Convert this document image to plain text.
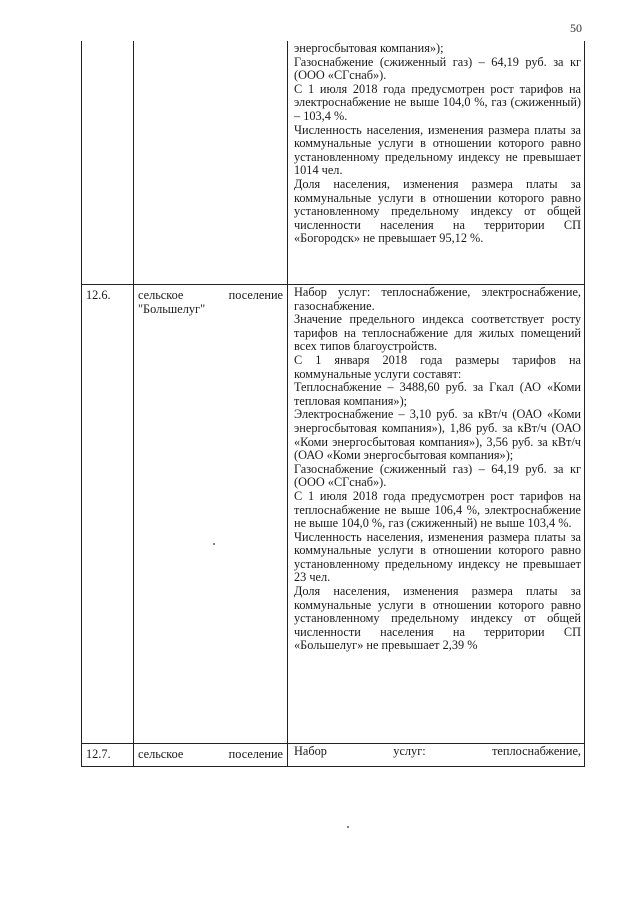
50

энергосбытовая компания»);

Газоснабжение (сжиженный газ) – 64,19 руб. за кг (ООО «СГснаб»).

С 1 июля 2018 года предусмотрен рост тарифов на электроснабжение не выше 104,0 %, газ (сжиженный) – 103,4 %.

Численность населения, изменения размера платы за коммунальные услуги в отношении которого равно установленному предельному индексу не превышает 1014 чел.

Доля населения, изменения размера платы за коммунальные услуги в отношении которого равно установленному предельному индексу от общей численности населения на территории СП «Богородск» не превышает 95,12 %.

12.6.	сельское поселение
"Большелуг"

Набор услуг: теплоснабжение, электроснабжение, газоснабжение.

Значение предельного индекса соответствует росту тарифов на теплоснабжение для жилых помещений всех типов благоустройств.

С 1 января 2018 года размеры тарифов на коммунальные услуги составят:

Теплоснабжение – 3488,60 руб. за Гкал (АО «Коми тепловая компания»);

Электроснабжение – 3,10 руб. за кВт/ч (ОАО «Коми энергосбытовая компания»), 1,86 руб. за кВт/ч (ОАО «Коми энергосбытовая компания»), 3,56 руб. за кВт/ч (ОАО «Коми энергосбытовая компания»);

Газоснабжение (сжиженный газ) – 64,19 руб. за кг (ООО «СГснаб»).

С 1 июля 2018 года предусмотрен рост тарифов на теплоснабжение не выше 106,4 %, электроснабжение не выше 104,0 %, газ (сжиженный) не выше 103,4 %.

Численность населения, изменения размера платы за коммунальные услуги в отношении которого равно установленному предельному индексу не превышает 23 чел.

Доля населения, изменения размера платы за коммунальные услуги в отношении которого равно установленному предельному индексу от общей численности населения на территории СП «Большелуг» не превышает 2,39 %

12.7.	сельское поселение Набор услуг: теплоснабжение,
